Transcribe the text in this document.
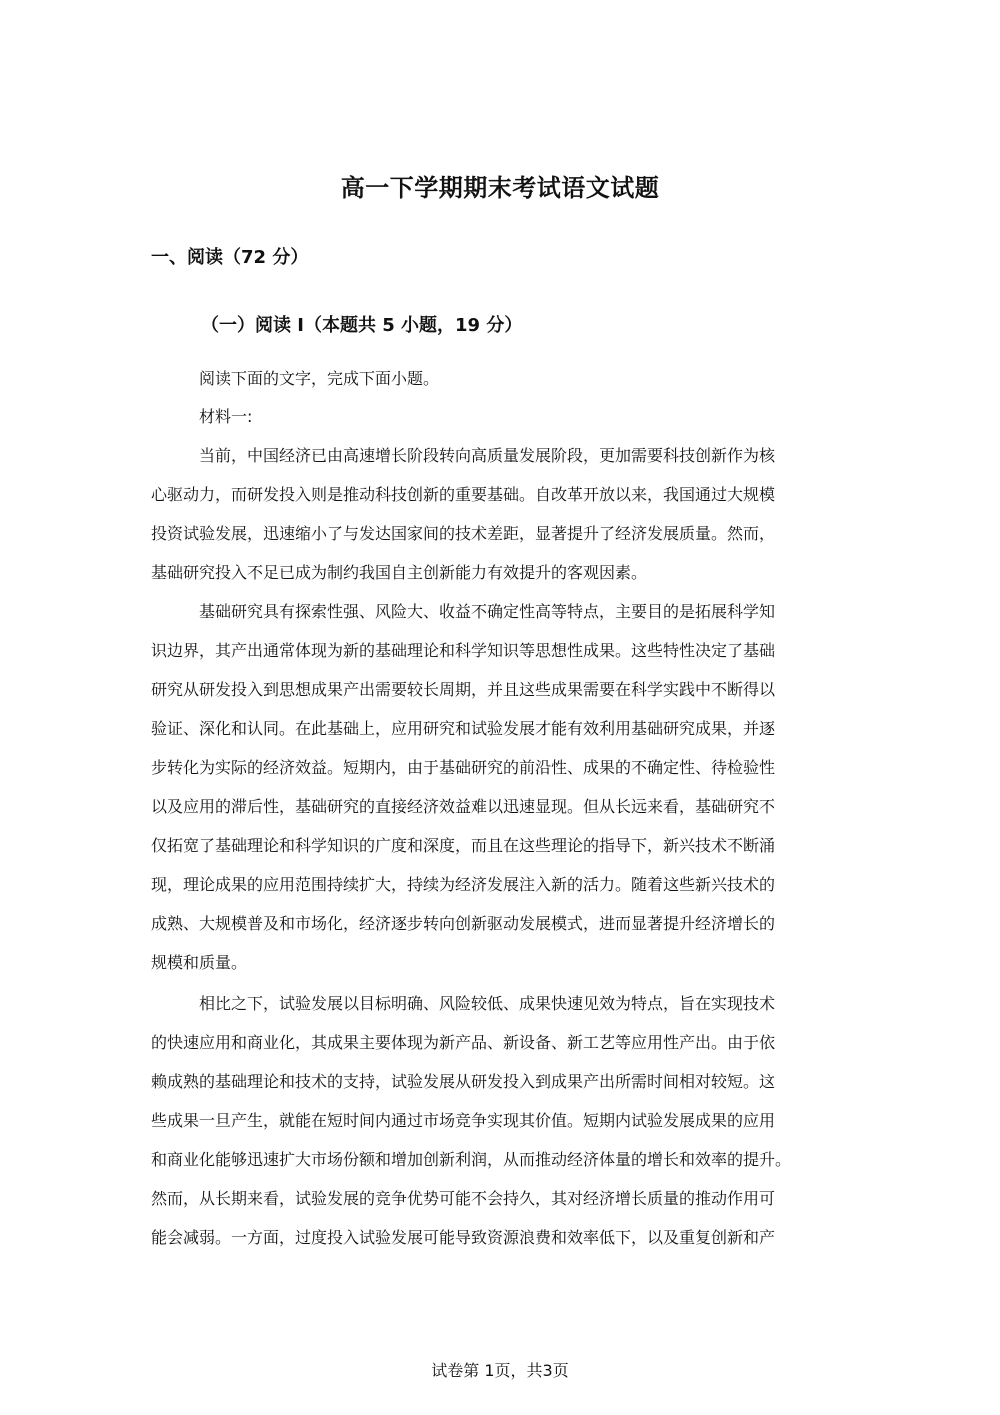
高一下学期期末考试语文试题
一、阅读（72 分）
（一）阅读 I（本题共 5 小题，19 分）
阅读下面的文字，完成下面小题。
材料一:
当前，中国经济已由高速增长阶段转向高质量发展阶段，更加需要科技创新作为核
心驱动力，而研发投入则是推动科技创新的重要基础。自改革开放以来，我国通过大规模
投资试验发展，迅速缩小了与发达国家间的技术差距，显著提升了经济发展质量。然而，
基础研究投入不足已成为制约我国自主创新能力有效提升的客观因素。
基础研究具有探索性强、风险大、收益不确定性高等特点，主要目的是拓展科学知
识边界，其产出通常体现为新的基础理论和科学知识等思想性成果。这些特性决定了基础
研究从研发投入到思想成果产出需要较长周期，并且这些成果需要在科学实践中不断得以
验证、深化和认同。在此基础上，应用研究和试验发展才能有效利用基础研究成果，并逐
步转化为实际的经济效益。短期内，由于基础研究的前沿性、成果的不确定性、待检验性
以及应用的滞后性，基础研究的直接经济效益难以迅速显现。但从长远来看，基础研究不
仅拓宽了基础理论和科学知识的广度和深度，而且在这些理论的指导下，新兴技术不断涌
现，理论成果的应用范围持续扩大，持续为经济发展注入新的活力。随着这些新兴技术的
成熟、大规模普及和市场化，经济逐步转向创新驱动发展模式，进而显著提升经济增长的
规模和质量。
相比之下，试验发展以目标明确、风险较低、成果快速见效为特点，旨在实现技术
的快速应用和商业化，其成果主要体现为新产品、新设备、新工艺等应用性产出。由于依
赖成熟的基础理论和技术的支持，试验发展从研发投入到成果产出所需时间相对较短。这
些成果一旦产生，就能在短时间内通过市场竞争实现其价值。短期内试验发展成果的应用
和商业化能够迅速扩大市场份额和增加创新利润，从而推动经济体量的增长和效率的提升。
然而，从长期来看，试验发展的竞争优势可能不会持久，其对经济增长质量的推动作用可
能会减弱。一方面，过度投入试验发展可能导致资源浪费和效率低下，以及重复创新和产
试卷第 1页，共3页
